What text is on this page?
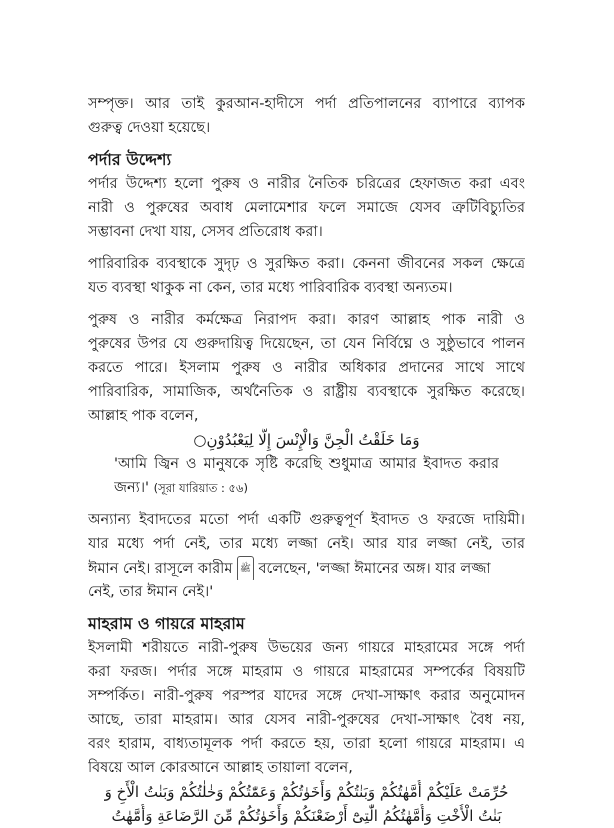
সম্পৃক্ত। আর তাই কুরআন-হাদীসে পর্দা প্রতিপালনের ব্যাপারে ব্যাপক
গুরুত্ব দেওয়া হয়েছে।
পর্দার উদ্দেশ্য
পর্দার উদ্দেশ্য হলো পুরুষ ও নারীর নৈতিক চরিত্রের হেফাজত করা এবং
নারী ও পুরুষের অবাধ মেলামেশার ফলে সমাজে যেসব ত্রুটিবিচ্যুতির
সম্ভাবনা দেখা যায়, সেসব প্রতিরোধ করা।
পারিবারিক ব্যবস্থাকে সুদৃঢ় ও সুরক্ষিত করা। কেননা জীবনের সকল ক্ষেত্রে
যত ব্যবস্থা থাকুক না কেন, তার মধ্যে পারিবারিক ব্যবস্থা অন্যতম।
পুরুষ ও নারীর কর্মক্ষেত্র নিরাপদ করা। কারণ আল্লাহ পাক নারী ও
পুরুষের উপর যে গুরুদায়িত্ব দিয়েছেন, তা যেন নির্বিঘ্নে ও সুষ্ঠুভাবে পালন
করতে পারে। ইসলাম পুরুষ ও নারীর অধিকার প্রদানের সাথে সাথে
পারিবারিক, সামাজিক, অর্থনৈতিক ও রাষ্ট্রীয় ব্যবস্থাকে সুরক্ষিত করেছে।
আল্লাহ পাক বলেন,
وَمَا خَلَقْتُ الْجِنَّ وَالْإِنْسَ إِلَّا لِيَعْبُدُوْنِ○
'আমি জ্বিন ও মানুষকে সৃষ্টি করেছি শুধুমাত্র আমার ইবাদত করার
জন্য।' (সূরা যারিয়াত : ৫৬)
অন্যান্য ইবাদতের মতো পর্দা একটি গুরুত্বপূর্ণ ইবাদত ও ফরজে দায়িমী।
যার মধ্যে পর্দা নেই, তার মধ্যে লজ্জা নেই। আর যার লজ্জা নেই, তার
ঈমান নেই। রাসূলে কারীম ﷺ বলেছেন, 'লজ্জা ঈমানের অঙ্গ। যার লজ্জা
নেই, তার ঈমান নেই।'
মাহরাম ও গায়রে মাহরাম
ইসলামী শরীয়তে নারী-পুরুষ উভয়ের জন্য গায়রে মাহরামের সঙ্গে পর্দা
করা ফরজ। পর্দার সঙ্গে মাহরাম ও গায়রে মাহরামের সম্পর্কের বিষয়টি
সম্পর্কিত। নারী-পুরুষ পরস্পর যাদের সঙ্গে দেখা-সাক্ষাৎ করার অনুমোদন
আছে, তারা মাহরাম। আর যেসব নারী-পুরুষের দেখা-সাক্ষাৎ বৈধ নয়,
বরং হারাম, বাধ্যতামূলক পর্দা করতে হয়, তারা হলো গায়রে মাহরাম। এ
বিষয়ে আল কোরআনে আল্লাহ তায়ালা বলেন,
حُرِّمَتْ عَلَيْكُمْ أُمَّهٰتُكُمْ وَبَنٰتُكُمْ وَأَخَوٰتُكُمْ وَعَمّٰتُكُمْ وَخٰلٰتُكُمْ وَبَنٰتُ الْأَخِ وَ
بَنٰتُ الْأُخْتِ وَأُمَّهٰتُكُمُ الّٰتِىْٓ أَرْضَعْنَكُمْ وَأَخَوٰتُكُمْ مِّنَ الرَّضَاعَةِ وَأُمَّهٰتُ
